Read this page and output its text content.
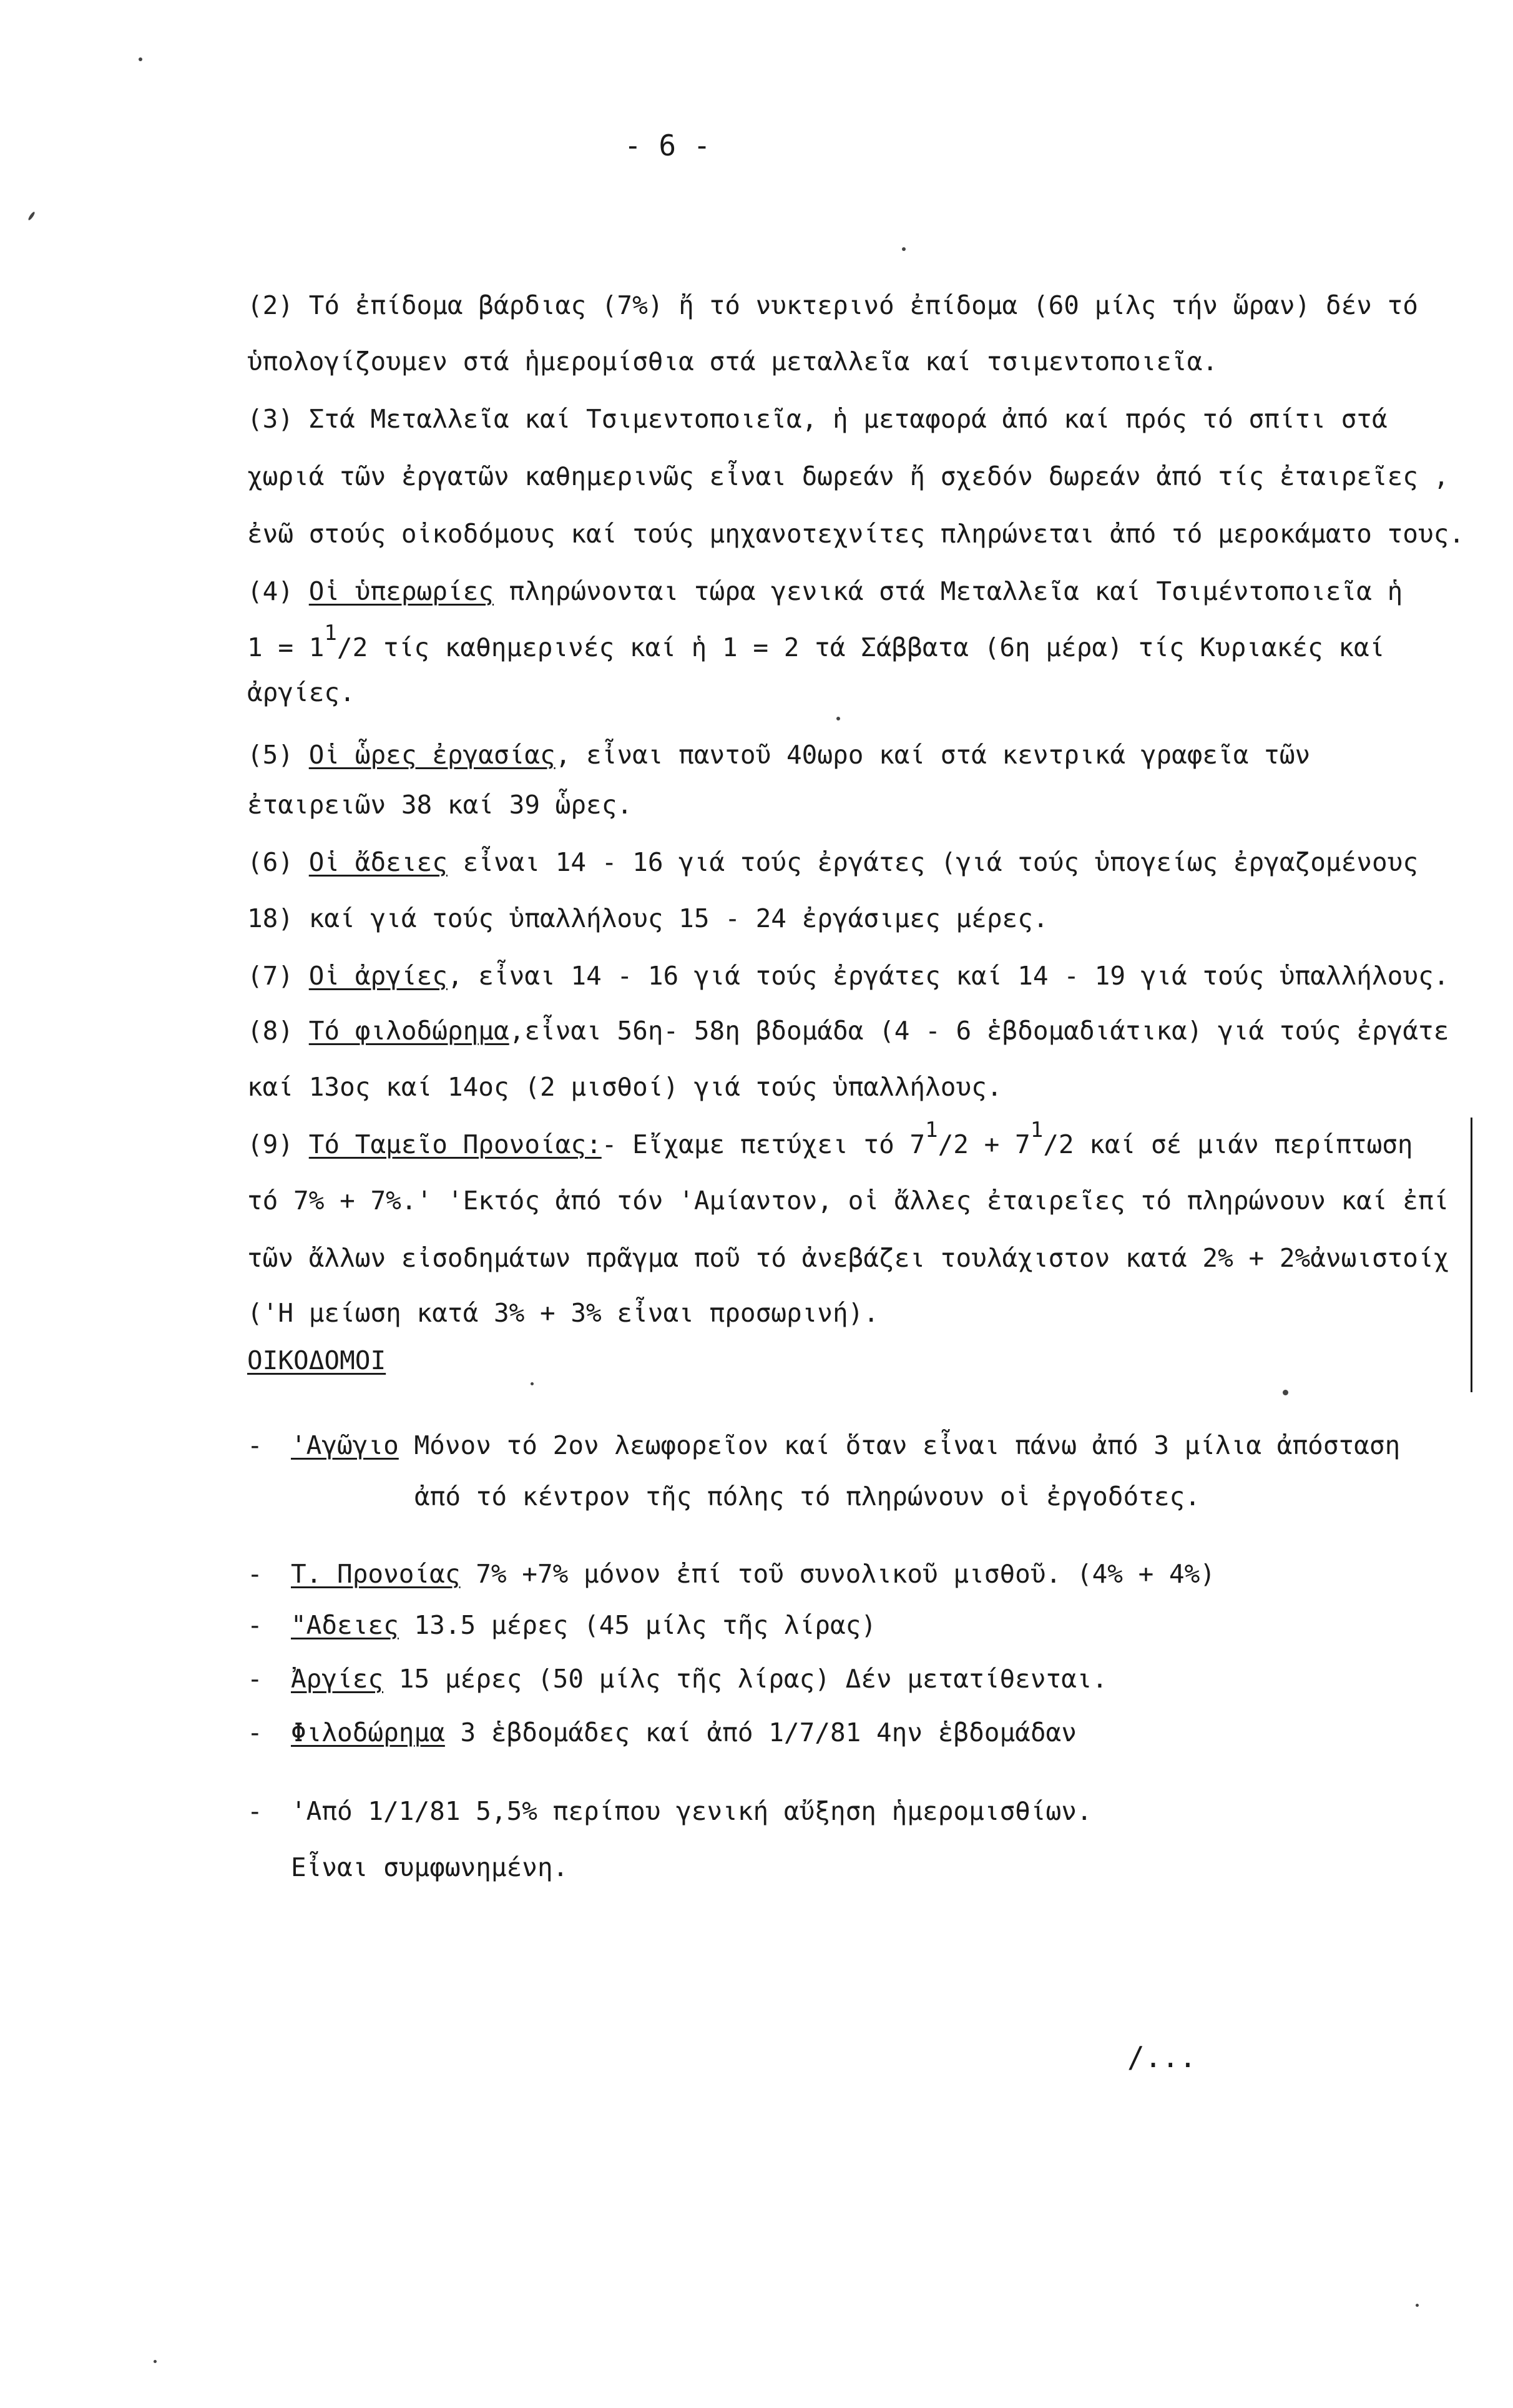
- 6 -
(2) Τό ἐπίδομα βάρδιας (7%) ἤ τό νυκτερινό ἐπίδομα (60 μίλς τήν ὥραν) δέν τό
ὑπολογίζουμεν στά ἡμερομίσθια στά μεταλλεῖα καί τσιμεντοποιεῖα.
(3) Στά Μεταλλεῖα καί Τσιμεντοποιεῖα, ἡ μεταφορά ἀπό καί πρός τό σπίτι στά
χωριά τῶν ἐργατῶν καθημερινῶς εἶναι δωρεάν ἤ σχεδόν δωρεάν ἀπό τίς ἐταιρεῖες ,
ἐνῶ στούς οἰκοδόμους καί τούς μηχανοτεχνίτες πληρώνεται ἀπό τό μεροκάματο τους.
(4) Οἱ ὑπερωρίες πληρώνονται τώρα γενικά στά Μεταλλεῖα καί Τσιμέντοποιεῖα ἡ
$1 = 1^1/2$ τίς καθημερινές καί ἡ 1 = 2 τά Σάββατα (6η μέρα) τίς Κυριακές καί
ἀργίες.
(5) Οἱ ὧρες ἐργασίας, εἶναι παντοῦ 40ωρο καί στά κεντρικά γραφεῖα τῶν
ἐταιρειῶν 38 καί 39 ὧρες.
(6) Οἱ ἄδειες εἶναι 14 - 16 γιά τούς ἐργάτες (γιά τούς ὑπογείως ἐργαζομένους
18) καί γιά τούς ὑπαλλήλους 15 - 24 ἐργάσιμες μέρες.
(7) Οἱ ἀργίες, εἶναι 14 - 16 γιά τούς ἐργάτες καί 14 - 19 γιά τούς ὑπαλλήλους.
(8) Τό φιλοδώρημα,εἶναι 56η- 58η βδομάδα (4 - 6 ἑβδομαδιάτικα) γιά τούς ἐργάτε
καί 13ος καί 14ος (2 μισθοί) γιά τούς ὑπαλλήλους.
(9) Τό Ταμεῖο Προνοίας:- Εἴχαμε πετύχει τό $7^1/2 + 7^1/2$ καί σέ μιάν περίπτωση
τό 7% + 7%.' 'Εκτός ἀπό τόν 'Αμίαντον, οἱ ἄλλες ἐταιρεῖες τό πληρώνουν καί ἐπί
τῶν ἄλλων εἰσοδημάτων πρᾶγμα ποῦ τό ἀνεβάζει τουλάχιστον κατά 2% + 2%ἀνωιστοίχ
('Η μείωση κατά 3% + 3% εἶναι προσωρινή).
ΟΙΚΟΔΟΜΟΙ
- 'Αγῶγιο Μόνον τό 2ον λεωφορεῖον καί ὅταν εἶναι πάνω ἀπό 3 μίλια ἀπόσταση
ἀπό τό κέντρον τῆς πόλης τό πληρώνουν οἱ ἐργοδότες.
- Τ. Προνοίας 7% +7% μόνον ἐπί τοῦ συνολικοῦ μισθοῦ. (4% + 4%)
- "Αδειες 13.5 μέρες (45 μίλς τῆς λίρας)
- Ἀργίες 15 μέρες (50 μίλς τῆς λίρας) Δέν μετατίθενται.
- Φιλοδώρημα 3 ἑβδομάδες καί ἀπό 1/7/81 4ην ἑβδομάδαν
- 'Από 1/1/81 5,5% περίπου γενική αὔξηση ἡμερομισθίων.
Εἶναι συμφωνημένη.
/...
